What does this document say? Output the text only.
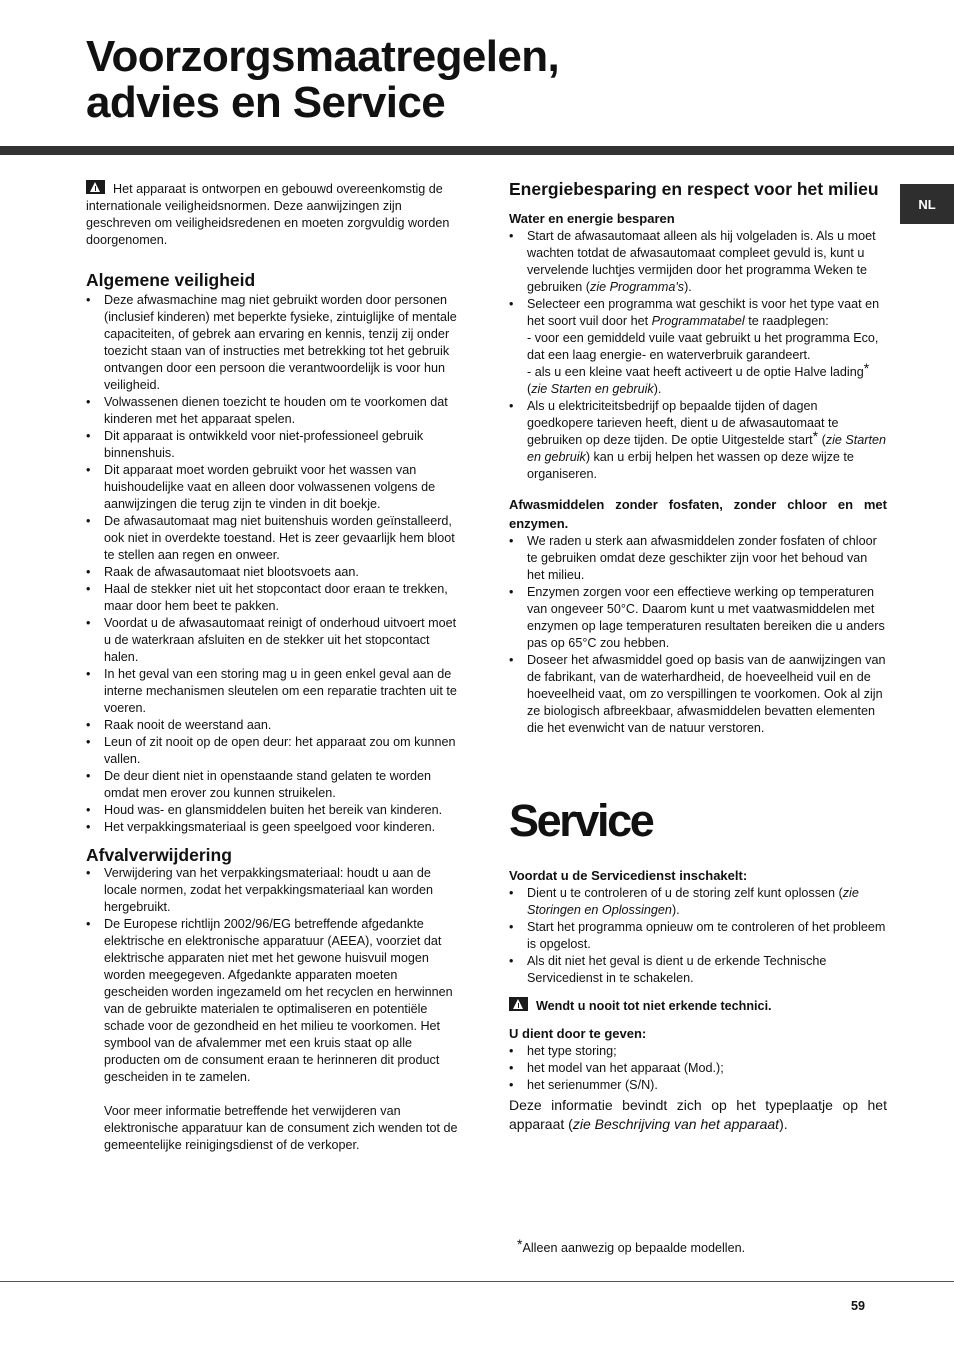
Voorzorgsmaatregelen,
advies en Service
NL

Het apparaat is ontworpen en gebouwd overeenkomstig de internationale veiligheidsnormen. Deze aanwijzingen zijn geschreven om veiligheidsredenen en moeten zorgvuldig worden doorgenomen.

Algemene veiligheid
• Deze afwasmachine mag niet gebruikt worden door personen (inclusief kinderen) met beperkte fysieke, zintuiglijke of mentale capaciteiten, of gebrek aan ervaring en kennis, tenzij zij onder toezicht staan van of instructies met betrekking tot het gebruik ontvangen door een persoon die verantwoordelijk is voor hun veiligheid.
• Volwassenen dienen toezicht te houden om te voorkomen dat kinderen met het apparaat spelen.
• Dit apparaat is ontwikkeld voor niet-professioneel gebruik binnenshuis.
• Dit apparaat moet worden gebruikt voor het wassen van huishoudelijke vaat en alleen door volwassenen volgens de aanwijzingen die terug zijn te vinden in dit boekje.
• De afwasautomaat mag niet buitenshuis worden geïnstalleerd, ook niet in overdekte toestand. Het is zeer gevaarlijk hem bloot te stellen aan regen en onweer.
• Raak de afwasautomaat niet blootsvoets aan.
• Haal de stekker niet uit het stopcontact door eraan te trekken, maar door hem beet te pakken.
• Voordat u de afwasautomaat reinigt of onderhoud uitvoert moet u de waterkraan afsluiten en de stekker uit het stopcontact halen.
• In het geval van een storing mag u in geen enkel geval aan de interne mechanismen sleutelen om een reparatie trachten uit te voeren.
• Raak nooit de weerstand aan.
• Leun of zit nooit op de open deur: het apparaat zou om kunnen vallen.
• De deur dient niet in openstaande stand gelaten te worden omdat men erover zou kunnen struikelen.
• Houd was- en glansmiddelen buiten het bereik van kinderen.
• Het verpakkingsmateriaal is geen speelgoed voor kinderen.
Afvalverwijdering
• Verwijdering van het verpakkingsmateriaal: houdt u aan de locale normen, zodat het verpakkingsmateriaal kan worden hergebruikt.
• De Europese richtlijn 2002/96/EG betreffende afgedankte elektrische en elektronische apparatuur (AEEA), voorziet dat elektrische apparaten niet met het gewone huisvuil mogen worden meegegeven. Afgedankte apparaten moeten gescheiden worden ingezameld om het recyclen en herwinnen van de gebruikte materialen te optimaliseren en potentiële schade voor de gezondheid en het milieu te voorkomen. Het symbool van de afvalemmer met een kruis staat op alle producten om de consument eraan te herinneren dit product gescheiden in te zamelen.

Voor meer informatie betreffende het verwijderen van elektronische apparatuur kan de consument zich wenden tot de gemeentelijke reinigingsdienst of de verkoper.

Energiebesparing en respect voor het milieu
Water en energie besparen
• Start de afwasautomaat alleen als hij volgeladen is. Als u moet wachten totdat de afwasautomaat compleet gevuld is, kunt u vervelende luchtjes vermijden door het programma Weken te gebruiken (zie Programma's).
• Selecteer een programma wat geschikt is voor het type vaat en het soort vuil door het Programmatabel te raadplegen:
- voor een gemiddeld vuile vaat gebruikt u het programma Eco, dat een laag energie- en waterverbruik garandeert.
- als u een kleine vaat heeft activeert u de optie Halve lading* (zie Starten en gebruik).
• Als u elektriciteitsbedrijf op bepaalde tijden of dagen goedkopere tarieven heeft, dient u de afwasautomaat te gebruiken op deze tijden. De optie Uitgestelde start* (zie Starten en gebruik) kan u erbij helpen het wassen op deze wijze te organiseren.
Afwasmiddelen zonder fosfaten, zonder chloor en met enzymen.
• We raden u sterk aan afwasmiddelen zonder fosfaten of chloor te gebruiken omdat deze geschikter zijn voor het behoud van het milieu.
• Enzymen zorgen voor een effectieve werking op temperaturen van ongeveer 50°C. Daarom kunt u met vaatwasmiddelen met enzymen op lage temperaturen resultaten bereiken die u anders pas op 65°C zou hebben.
• Doseer het afwasmiddel goed op basis van de aanwijzingen van de fabrikant, van de waterhardheid, de hoeveelheid vuil en de hoeveelheid vaat, om zo verspillingen te voorkomen. Ook al zijn ze biologisch afbreekbaar, afwasmiddelen bevatten elementen die het evenwicht van de natuur verstoren.
Service
Voordat u de Servicedienst inschakelt:
• Dient u te controleren of u de storing zelf kunt oplossen (zie Storingen en Oplossingen).
• Start het programma opnieuw om te controleren of het probleem is opgelost.
• Als dit niet het geval is dient u de erkende Technische Servicedienst in te schakelen.

Wendt u nooit tot niet erkende technici.

U dient door te geven:
• het type storing;
• het model van het apparaat (Mod.);
• het serienummer (S/N).

Deze informatie bevindt zich op het typeplaatje op het apparaat (zie Beschrijving van het apparaat).

*Alleen aanwezig op bepaalde modellen.
59
